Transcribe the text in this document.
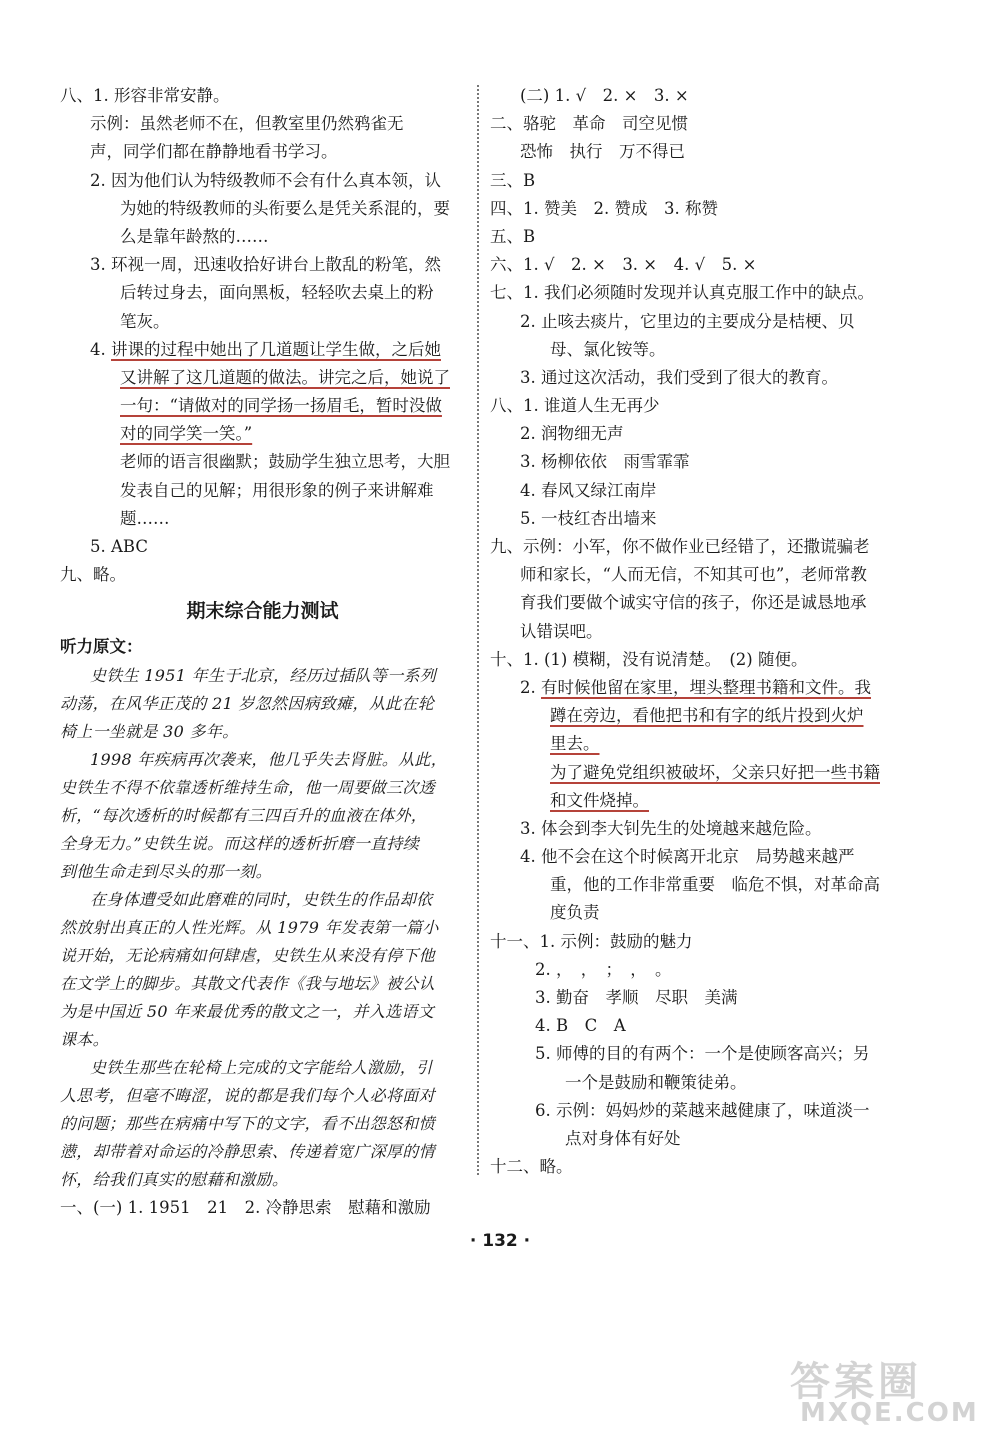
八、1. 形容非常安静。
示例：虽然老师不在，但教室里仍然鸦雀无
声，同学们都在静静地看书学习。
2. 因为他们认为特级教师不会有什么真本领，认
为她的特级教师的头衔要么是凭关系混的，要
么是靠年龄熬的……
3. 环视一周，迅速收拾好讲台上散乱的粉笔，然
后转过身去，面向黑板，轻轻吹去桌上的粉
笔灰。
4. 讲课的过程中她出了几道题让学生做，之后她
又讲解了这几道题的做法。讲完之后，她说了
一句：“请做对的同学扬一扬眉毛，暂时没做
对的同学笑一笑。”
老师的语言很幽默；鼓励学生独立思考，大胆
发表自己的见解；用很形象的例子来讲解难
题……
5. ABC
九、略。
期末综合能力测试
听力原文：
史铁生 1951 年生于北京，经历过插队等一系列
动荡，在风华正茂的 21 岁忽然因病致瘫，从此在轮
椅上一坐就是 30 多年。
1998 年疾病再次袭来，他几乎失去肾脏。从此，
史铁生不得不依靠透析维持生命，他一周要做三次透
析，“每次透析的时候都有三四百升的血液在体外，
全身无力。”史铁生说。而这样的透析折磨一直持续
到他生命走到尽头的那一刻。
在身体遭受如此磨难的同时，史铁生的作品却依
然放射出真正的人性光辉。从 1979 年发表第一篇小
说开始，无论病痛如何肆虐，史铁生从来没有停下他
在文学上的脚步。其散文代表作《我与地坛》被公认
为是中国近 50 年来最优秀的散文之一，并入选语文
课本。
史铁生那些在轮椅上完成的文字能给人激励，引
人思考，但毫不晦涩，说的都是我们每个人必将面对
的问题；那些在病痛中写下的文字，看不出怨怒和愤
懑，却带着对命运的冷静思索、传递着宽广深厚的情
怀，给我们真实的慰藉和激励。
一、(一) 1. 1951　21　2. 冷静思索　慰藉和激励
(二) 1. √　2. ×　3. ×
二、骆驼　革命　司空见惯
恐怖　执行　万不得已
三、B
四、1. 赞美　2. 赞成　3. 称赞
五、B
六、1. √　2. ×　3. ×　4. √　5. ×
七、1. 我们必须随时发现并认真克服工作中的缺点。
2. 止咳去痰片，它里边的主要成分是桔梗、贝
母、氯化铵等。
3. 通过这次活动，我们受到了很大的教育。
八、1. 谁道人生无再少
2. 润物细无声
3. 杨柳依依　雨雪霏霏
4. 春风又绿江南岸
5. 一枝红杏出墙来
九、示例：小军，你不做作业已经错了，还撒谎骗老
师和家长，“人而无信，不知其可也”，老师常教
育我们要做个诚实守信的孩子，你还是诚恳地承
认错误吧。
十、1. (1) 模糊，没有说清楚。　(2) 随便。
2. 有时候他留在家里，埋头整理书籍和文件。我
蹲在旁边，看他把书和有字的纸片投到火炉
里去。
为了避免党组织被破坏，父亲只好把一些书籍
和文件烧掉。
3. 体会到李大钊先生的处境越来越危险。
4. 他不会在这个时候离开北京　局势越来越严
重，他的工作非常重要　临危不惧，对革命高
度负责
十一、1. 示例：鼓励的魅力
2. ，　，　；　，　。
3. 勤奋　孝顺　尽职　美满
4. B　C　A
5. 师傅的目的有两个：一个是使顾客高兴；另
一个是鼓励和鞭策徒弟。
6. 示例：妈妈炒的菜越来越健康了，味道淡一
点对身体有好处
十二、略。
· 132 ·
答案圈
MXQE.COM
